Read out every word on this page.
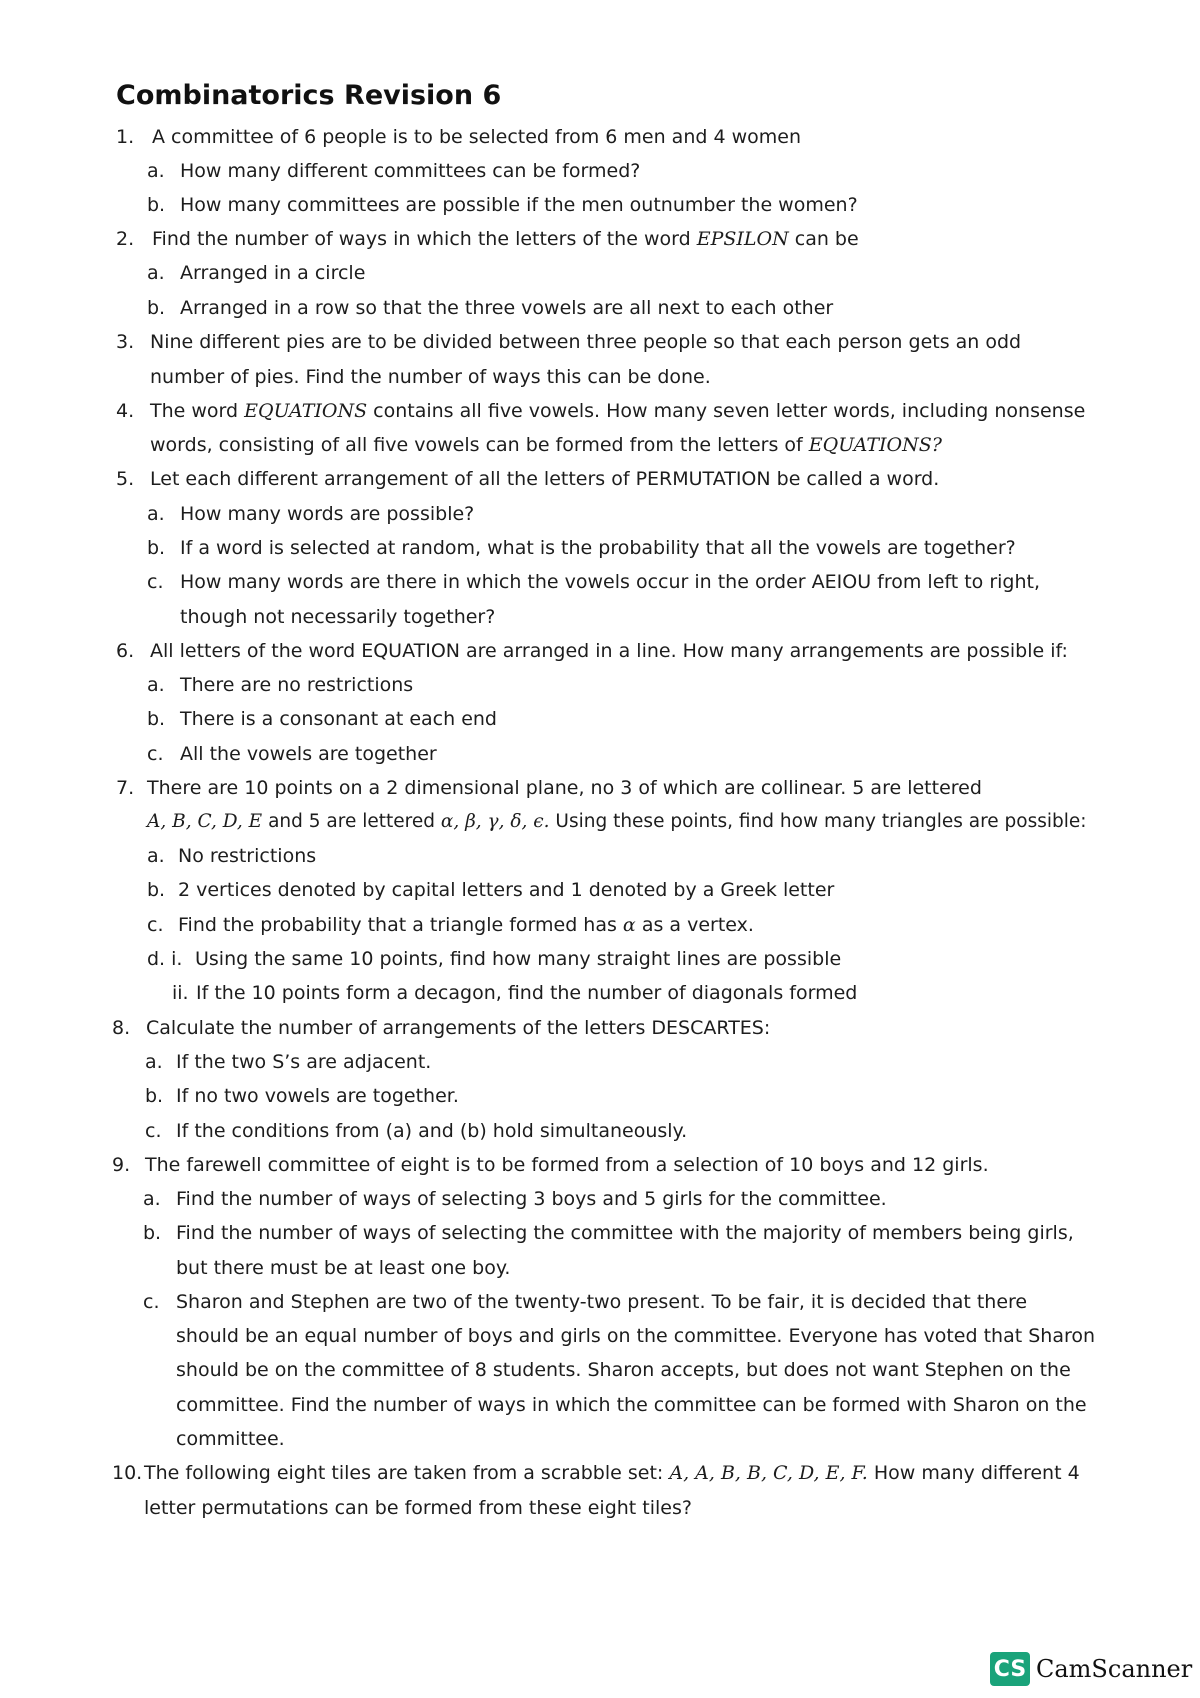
Combinatorics Revision 6
1. A committee of 6 people is to be selected from 6 men and 4 women
a. How many different committees can be formed?
b. How many committees are possible if the men outnumber the women?
2. Find the number of ways in which the letters of the word EPSILON can be
a. Arranged in a circle
b. Arranged in a row so that the three vowels are all next to each other
3. Nine different pies are to be divided between three people so that each person gets an odd
number of pies. Find the number of ways this can be done.
4. The word EQUATIONS contains all five vowels. How many seven letter words, including nonsense
words, consisting of all five vowels can be formed from the letters of EQUATIONS?
5. Let each different arrangement of all the letters of PERMUTATION be called a word.
a. How many words are possible?
b. If a word is selected at random, what is the probability that all the vowels are together?
c. How many words are there in which the vowels occur in the order AEIOU from left to right,
though not necessarily together?
6. All letters of the word EQUATION are arranged in a line. How many arrangements are possible if:
a. There are no restrictions
b. There is a consonant at each end
c. All the vowels are together
7. There are 10 points on a 2 dimensional plane, no 3 of which are collinear. 5 are lettered
A, B, C, D, E and 5 are lettered α, β, γ, δ, ϵ. Using these points, find how many triangles are possible:
a. No restrictions
b. 2 vertices denoted by capital letters and 1 denoted by a Greek letter
c. Find the probability that a triangle formed has α as a vertex.
d. i. Using the same 10 points, find how many straight lines are possible
ii. If the 10 points form a decagon, find the number of diagonals formed
8. Calculate the number of arrangements of the letters DESCARTES:
a. If the two S’s are adjacent.
b. If no two vowels are together.
c. If the conditions from (a) and (b) hold simultaneously.
9. The farewell committee of eight is to be formed from a selection of 10 boys and 12 girls.
a. Find the number of ways of selecting 3 boys and 5 girls for the committee.
b. Find the number of ways of selecting the committee with the majority of members being girls,
but there must be at least one boy.
c. Sharon and Stephen are two of the twenty-two present. To be fair, it is decided that there
should be an equal number of boys and girls on the committee. Everyone has voted that Sharon
should be on the committee of 8 students. Sharon accepts, but does not want Stephen on the
committee. Find the number of ways in which the committee can be formed with Sharon on the
committee.
10.The following eight tiles are taken from a scrabble set: A, A, B, B, C, D, E, F. How many different 4
letter permutations can be formed from these eight tiles?
CS CamScanner
